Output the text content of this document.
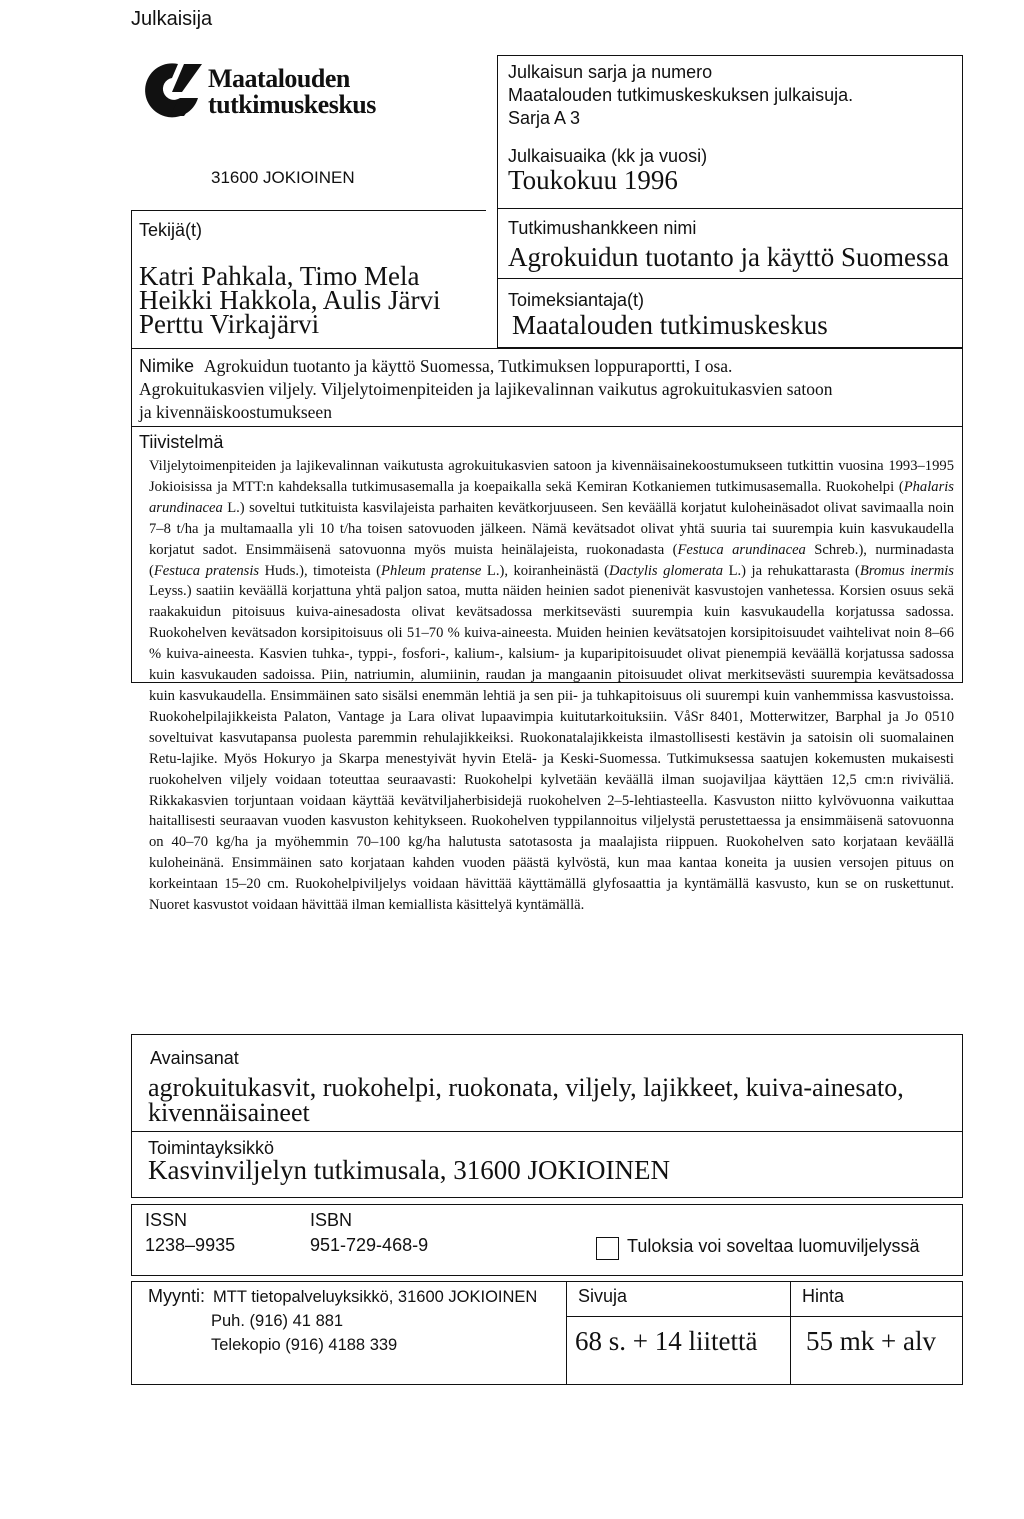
Julkaisija
Maatalouden
tutkimuskeskus
31600 JOKIOINEN
Julkaisun sarja ja numero
Maatalouden tutkimuskeskuksen julkaisuja.
Sarja A 3
Julkaisuaika (kk ja vuosi)
Toukokuu 1996
Tutkimushankkeen nimi
Agrokuidun tuotanto ja käyttö Suomessa
Toimeksiantaja(t)
Maatalouden tutkimuskeskus
Tekijä(t)
Katri Pahkala, Timo Mela
Heikki Hakkola, Aulis Järvi
Perttu Virkajärvi
Nimike Agrokuidun tuotanto ja käyttö Suomessa, Tutkimuksen loppuraportti, I osa.
Agrokuitukasvien viljely. Viljelytoimenpiteiden ja lajikevalinnan vaikutus agrokuitukasvien satoon
ja kivennäiskoostumukseen
Tiivistelmä
Viljelytoimenpiteiden ja lajikevalinnan vaikutusta agrokuitukasvien satoon ja kivennäisainekoostumukseen tutkittin vuosina 1993–1995 Jokioisissa ja MTT:n kahdeksalla tutkimusasemalla ja koepaikalla sekä Kemiran Kotkaniemen tutkimusasemalla. Ruokohelpi (Phalaris arundinacea L.) soveltui tutkituista kasvilajeista parhaiten kevätkorjuuseen. Sen keväällä korjatut kuloheinäsadot olivat savimaalla noin 7–8 t/ha ja multamaalla yli 10 t/ha toisen satovuoden jälkeen. Nämä kevätsadot olivat yhtä suuria tai suurempia kuin kasvukaudella korjatut sadot. Ensimmäisenä satovuonna myös muista heinälajeista, ruokonadasta (Festuca arundinacea Schreb.), nurminadasta (Festuca pratensis Huds.), timoteista (Phleum pratense L.), koiranheinästä (Dactylis glomerata L.) ja rehukattarasta (Bromus inermis Leyss.) saatiin keväällä korjattuna yhtä paljon satoa, mutta näiden heinien sadot pienenivät kasvustojen vanhetessa. Korsien osuus sekä raakakuidun pitoisuus kuiva-ainesadosta olivat kevätsadossa merkitsevästi suurempia kuin kasvukaudella korjatussa sadossa. Ruokohelven kevätsadon korsipitoisuus oli 51–70 % kuiva-aineesta. Muiden heinien kevätsatojen korsipitoisuudet vaihtelivat noin 8–66 % kuiva-aineesta. Kasvien tuhka-, typpi-, fosfori-, kalium-, kalsium- ja kuparipitoisuudet olivat pienempiä keväällä korjatussa sadossa kuin kasvukauden sadoissa. Piin, natriumin, alumiinin, raudan ja mangaanin pitoisuudet olivat merkitsevästi suurempia kevätsadossa kuin kasvukaudella. Ensimmäinen sato sisälsi enemmän lehtiä ja sen pii- ja tuhkapitoisuus oli suurempi kuin vanhemmissa kasvustoissa. Ruokohelpilajikkeista Palaton, Vantage ja Lara olivat lupaavimpia kuitutarkoituksiin. VåSr 8401, Motterwitzer, Barphal ja Jo 0510 soveltuivat kasvutapansa puolesta paremmin rehulajikkeiksi. Ruokonatalajikkeista ilmastollisesti kestävin ja satoisin oli suomalainen Retu-lajike. Myös Hokuryo ja Skarpa menestyivät hyvin Etelä- ja Keski-Suomessa. Tutkimuksessa saatujen kokemusten mukaisesti ruokohelven viljely voidaan toteuttaa seuraavasti: Ruokohelpi kylvetään keväällä ilman suojaviljaa käyttäen 12,5 cm:n riviväliä. Rikkakasvien torjuntaan voidaan käyttää kevätviljaherbisidejä ruokohelven 2–5-lehtiasteella. Kasvuston niitto kylvövuonna vaikuttaa haitallisesti seuraavan vuoden kasvuston kehitykseen. Ruokohelven typpilannoitus viljelystä perustettaessa ja ensimmäisenä satovuonna on 40–70 kg/ha ja myöhemmin 70–100 kg/ha halutusta satotasosta ja maalajista riippuen. Ruokohelven sato korjataan keväällä kuloheinänä. Ensimmäinen sato korjataan kahden vuoden päästä kylvöstä, kun maa kantaa koneita ja uusien versojen pituus on korkeintaan 15–20 cm. Ruokohelpiviljelys voidaan hävittää käyttämällä glyfosaattia ja kyntämällä kasvusto, kun se on ruskettunut. Nuoret kasvustot voidaan hävittää ilman kemiallista käsittelyä kyntämällä.
Avainsanat
agrokuitukasvit, ruokohelpi, ruokonata, viljely, lajikkeet, kuiva-ainesato,
kivennäisaineet
Toimintayksikkö
Kasvinviljelyn tutkimusala, 31600 JOKIOINEN
ISSN
1238–9935
ISBN
951-729-468-9	Tuloksia voi soveltaa luomuviljelyssä
Myynti: MTT tietopalveluyksikkö, 31600 JOKIOINEN
Puh. (916) 41 881
Telekopio (916) 4188 339
Sivuja
68 s. + 14 liitettä
Hinta
55 mk + alv
